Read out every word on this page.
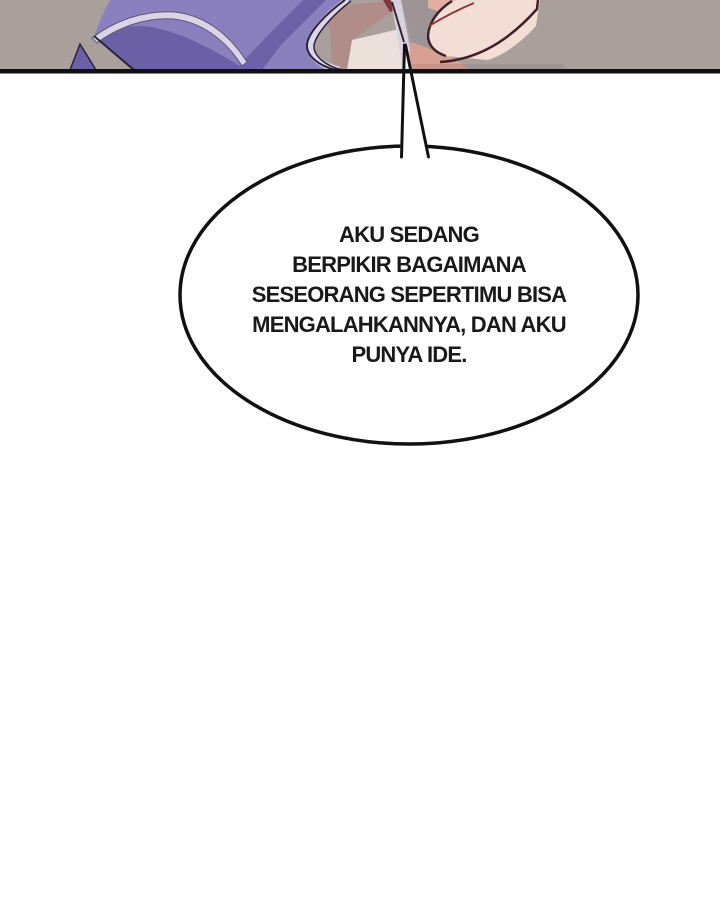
AKU SEDANG
BERPIKIR BAGAIMANA
SESEORANG SEPERTIMU BISA
MENGALAHKANNYA, DAN AKU
PUNYA IDE.
